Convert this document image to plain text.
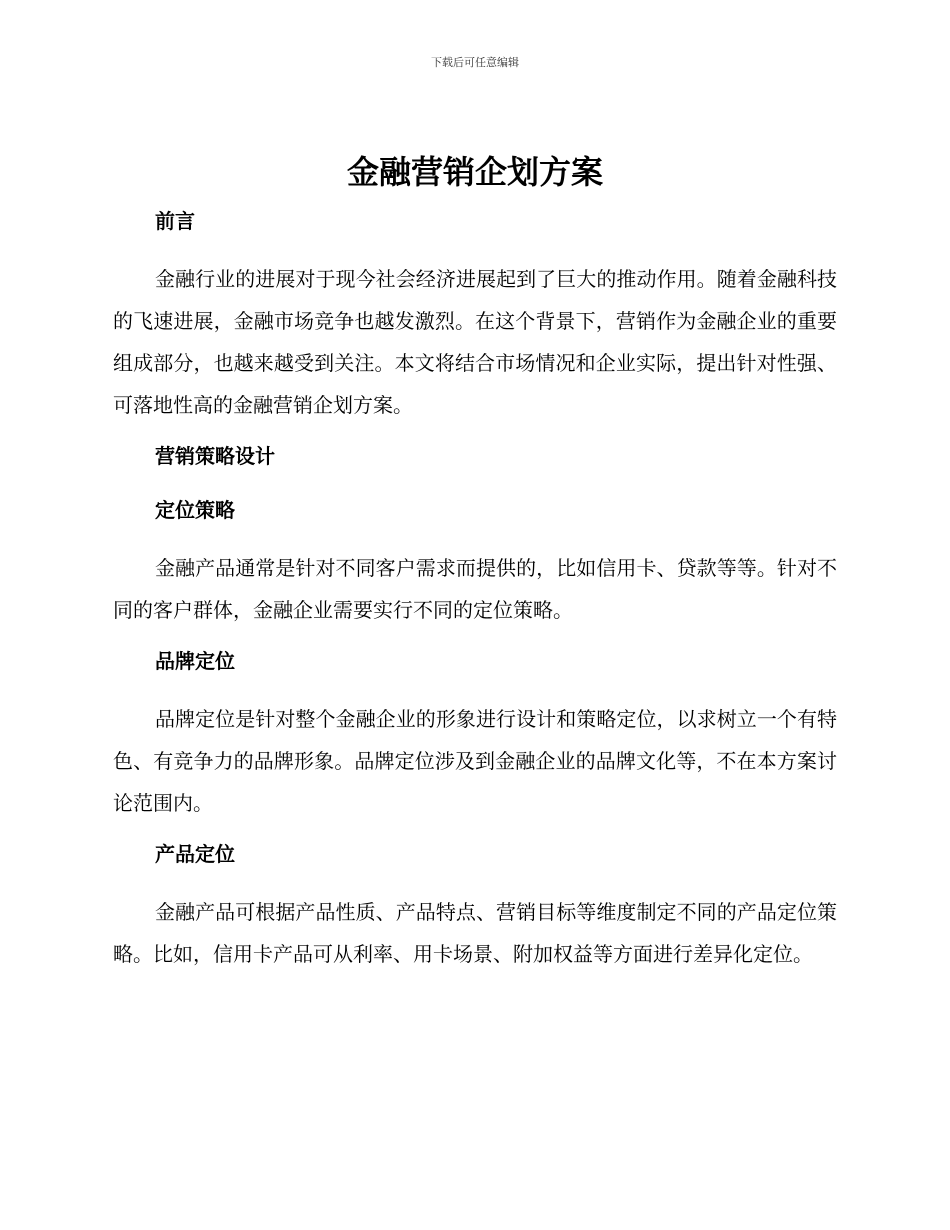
下载后可任意编辑
金融营销企划方案
前言

金融行业的进展对于现今社会经济进展起到了巨大的推动作用。随着金融科技的飞速进展，金融市场竞争也越发激烈。在这个背景下，营销作为金融企业的重要组成部分，也越来越受到关注。本文将结合市场情况和企业实际，提出针对性强、可落地性高的金融营销企划方案。

营销策略设计
定位策略

金融产品通常是针对不同客户需求而提供的，比如信用卡、贷款等等。针对不同的客户群体，金融企业需要实行不同的定位策略。

品牌定位

品牌定位是针对整个金融企业的形象进行设计和策略定位，以求树立一个有特色、有竞争力的品牌形象。品牌定位涉及到金融企业的品牌文化等，不在本方案讨论范围内。

产品定位

金融产品可根据产品性质、产品特点、营销目标等维度制定不同的产品定位策略。比如，信用卡产品可从利率、用卡场景、附加权益等方面进行差异化定位。
